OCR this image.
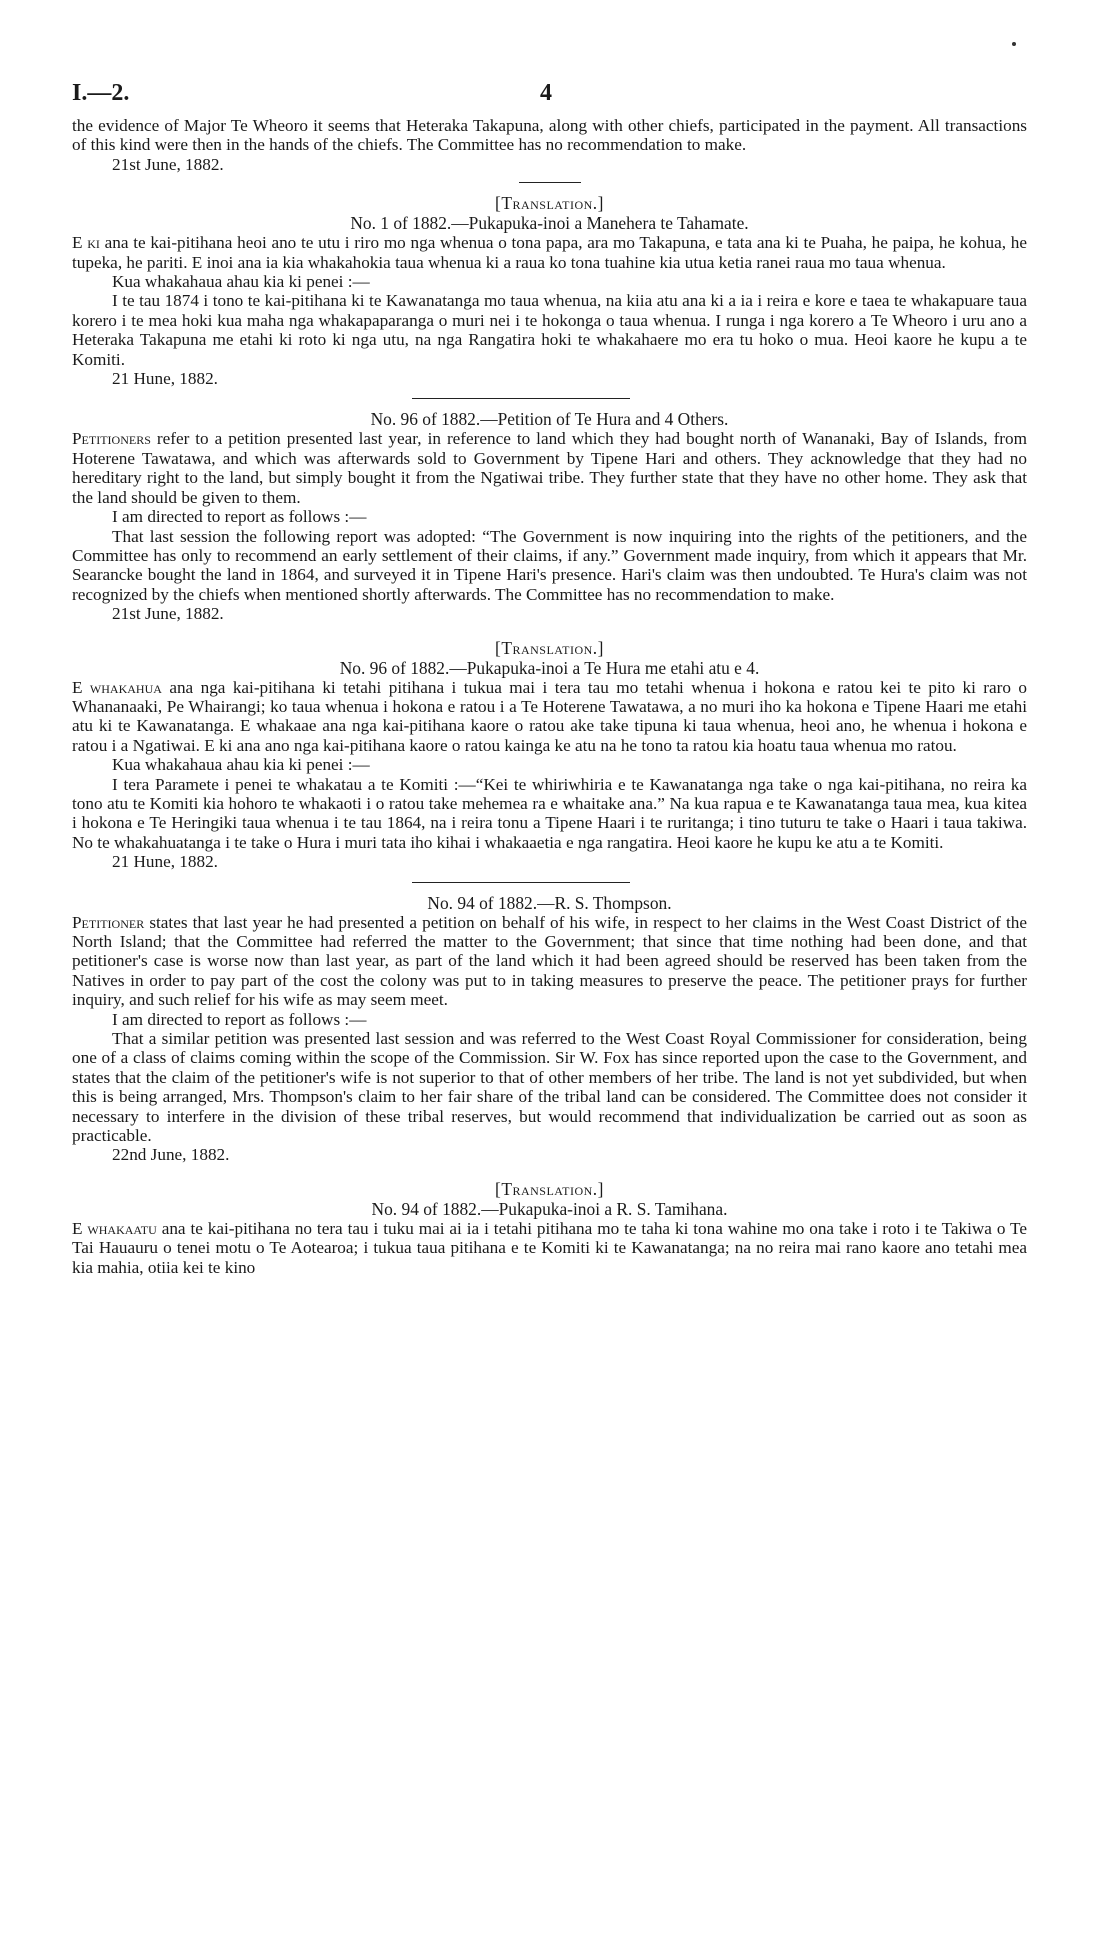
I.—2.	4

the evidence of Major Te Wheoro it seems that Heteraka Takapuna, along with other chiefs, participated in the payment. All transactions of this kind were then in the hands of the chiefs. The Committee has no recommendation to make.

21st June, 1882.
[Translation.]
No. 1 of 1882.—Pukapuka-inoi a Manehera te Tahamate.

E ki ana te kai-pitihana heoi ano te utu i riro mo nga whenua o tona papa, ara mo Takapuna, e tata ana ki te Puaha, he paipa, he kohua, he tupeka, he pariti. E inoi ana ia kia whakahokia taua whenua ki a raua ko tona tuahine kia utua ketia ranei raua mo taua whenua.

Kua whakahaua ahau kia ki penei :—

I te tau 1874 i tono te kai-pitihana ki te Kawanatanga mo taua whenua, na kiia atu ana ki a ia i reira e kore e taea te whakapuare taua korero i te mea hoki kua maha nga whakapaparanga o muri nei i te hokonga o taua whenua. I runga i nga korero a Te Wheoro i uru ano a Heteraka Takapuna me etahi ki roto ki nga utu, na nga Rangatira hoki te whakahaere mo era tu hoko o mua. Heoi kaore he kupu a te Komiti.

21 Hune, 1882.
No. 96 of 1882.—Petition of Te Hura and 4 Others.

Petitioners refer to a petition presented last year, in reference to land which they had bought north of Wananaki, Bay of Islands, from Hoterene Tawatawa, and which was afterwards sold to Government by Tipene Hari and others. They acknowledge that they had no hereditary right to the land, but simply bought it from the Ngatiwai tribe. They further state that they have no other home. They ask that the land should be given to them.

I am directed to report as follows :—

That last session the following report was adopted: “The Government is now inquiring into the rights of the petitioners, and the Committee has only to recommend an early settlement of their claims, if any.” Government made inquiry, from which it appears that Mr. Searancke bought the land in 1864, and surveyed it in Tipene Hari's presence. Hari's claim was then undoubted. Te Hura's claim was not recognized by the chiefs when mentioned shortly afterwards. The Committee has no recommendation to make.

21st June, 1882.
[Translation.]
No. 96 of 1882.—Pukapuka-inoi a Te Hura me etahi atu e 4.

E whakahua ana nga kai-pitihana ki tetahi pitihana i tukua mai i tera tau mo tetahi whenua i hokona e ratou kei te pito ki raro o Whananaaki, Pe Whairangi; ko taua whenua i hokona e ratou i a Te Hoterene Tawatawa, a no muri iho ka hokona e Tipene Haari me etahi atu ki te Kawanatanga. E whakaae ana nga kai-pitihana kaore o ratou ake take tipuna ki taua whenua, heoi ano, he whenua i hokona e ratou i a Ngatiwai. E ki ana ano nga kai-pitihana kaore o ratou kainga ke atu na he tono ta ratou kia hoatu taua whenua mo ratou.

Kua whakahaua ahau kia ki penei :—

I tera Paramete i penei te whakatau a te Komiti :—“Kei te whiriwhiria e te Kawanatanga nga take o nga kai-pitihana, no reira ka tono atu te Komiti kia hohoro te whakaoti i o ratou take mehemea ra e whaitake ana.” Na kua rapua e te Kawanatanga taua mea, kua kitea i hokona e Te Heringiki taua whenua i te tau 1864, na i reira tonu a Tipene Haari i te ruritanga; i tino tuturu te take o Haari i taua takiwa. No te whakahuatanga i te take o Hura i muri tata iho kihai i whakaaetia e nga rangatira. Heoi kaore he kupu ke atu a te Komiti.

21 Hune, 1882.
No. 94 of 1882.—R. S. Thompson.

Petitioner states that last year he had presented a petition on behalf of his wife, in respect to her claims in the West Coast District of the North Island; that the Committee had referred the matter to the Government; that since that time nothing had been done, and that petitioner's case is worse now than last year, as part of the land which it had been agreed should be reserved has been taken from the Natives in order to pay part of the cost the colony was put to in taking measures to preserve the peace. The petitioner prays for further inquiry, and such relief for his wife as may seem meet.

I am directed to report as follows :—

That a similar petition was presented last session and was referred to the West Coast Royal Commissioner for consideration, being one of a class of claims coming within the scope of the Commission. Sir W. Fox has since reported upon the case to the Government, and states that the claim of the petitioner's wife is not superior to that of other members of her tribe. The land is not yet subdivided, but when this is being arranged, Mrs. Thompson's claim to her fair share of the tribal land can be considered. The Committee does not consider it necessary to interfere in the division of these tribal reserves, but would recommend that individualization be carried out as soon as practicable.

22nd June, 1882.
[Translation.]
No. 94 of 1882.—Pukapuka-inoi a R. S. Tamihana.

E whakaatu ana te kai-pitihana no tera tau i tuku mai ai ia i tetahi pitihana mo te taha ki tona wahine mo ona take i roto i te Takiwa o Te Tai Hauauru o tenei motu o Te Aotearoa; i tukua taua pitihana e te Komiti ki te Kawanatanga; na no reira mai rano kaore ano tetahi mea kia mahia, otiia kei te kino
